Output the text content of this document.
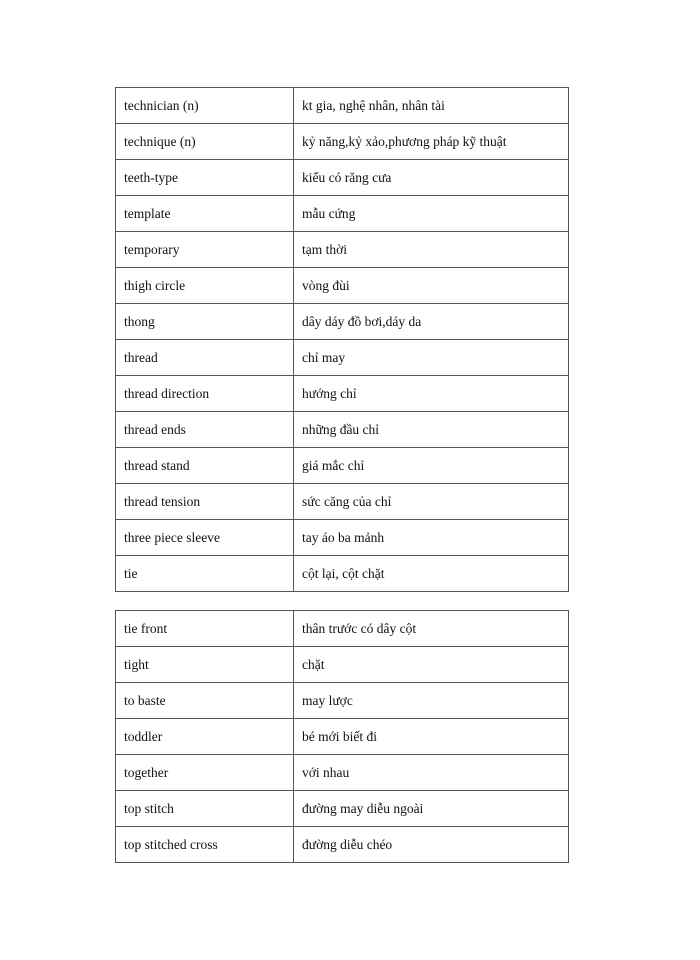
technician (n)	kt gia, nghệ nhân, nhân tài
technique (n)	kỷ năng,kỷ xảo,phương pháp kỹ thuật
teeth-type	kiểu có răng cưa
template	mẫu cứng
temporary	tạm thời
thigh circle	vòng đùi
thong	dây dáy đồ bơi,dáy da
thread	chỉ may
thread direction	hướng chỉ
thread ends	những đầu chỉ
thread stand	giá mắc chỉ
thread tension	sức căng của chỉ
three piece sleeve	tay áo ba mảnh
tie	cột lại, cột chặt
tie front	thân trước có dây cột
tight	chặt
to baste	may lược
toddler	bé mới biết đi
together	với nhau
top stitch	đường may diễu ngoài
top stitched cross	đường diễu chéo
